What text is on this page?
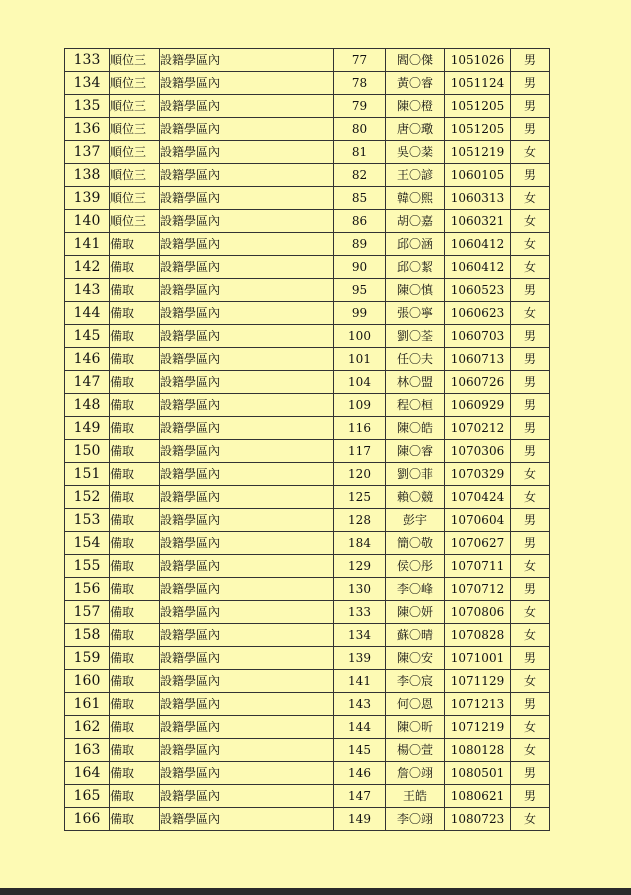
133	順位三	設籍學區內	77	閻〇傑	1051026	男
134	順位三	設籍學區內	78	黃〇睿	1051124	男
135	順位三	設籍學區內	79	陳〇橙	1051205	男
136	順位三	設籍學區內	80	唐〇璥	1051205	男
137	順位三	設籍學區內	81	吳〇棻	1051219	女
138	順位三	設籍學區內	82	王〇諺	1060105	男
139	順位三	設籍學區內	85	韓〇熙	1060313	女
140	順位三	設籍學區內	86	胡〇嘉	1060321	女
141	備取	設籍學區內	89	邱〇涵	1060412	女
142	備取	設籍學區內	90	邱〇絜	1060412	女
143	備取	設籍學區內	95	陳〇慎	1060523	男
144	備取	設籍學區內	99	張〇寧	1060623	女
145	備取	設籍學區內	100	劉〇荃	1060703	男
146	備取	設籍學區內	101	任〇夫	1060713	男
147	備取	設籍學區內	104	林〇盟	1060726	男
148	備取	設籍學區內	109	程〇桓	1060929	男
149	備取	設籍學區內	116	陳〇皓	1070212	男
150	備取	設籍學區內	117	陳〇睿	1070306	男
151	備取	設籍學區內	120	劉〇菲	1070329	女
152	備取	設籍學區內	125	賴〇競	1070424	女
153	備取	設籍學區內	128	彭宇	1070604	男
154	備取	設籍學區內	184	簡〇敬	1070627	男
155	備取	設籍學區內	129	侯〇彤	1070711	女
156	備取	設籍學區內	130	李〇峰	1070712	男
157	備取	設籍學區內	133	陳〇妍	1070806	女
158	備取	設籍學區內	134	蘇〇晴	1070828	女
159	備取	設籍學區內	139	陳〇安	1071001	男
160	備取	設籍學區內	141	李〇宸	1071129	女
161	備取	設籍學區內	143	何〇恩	1071213	男
162	備取	設籍學區內	144	陳〇昕	1071219	女
163	備取	設籍學區內	145	楊〇萱	1080128	女
164	備取	設籍學區內	146	詹〇翊	1080501	男
165	備取	設籍學區內	147	王皓	1080621	男
166	備取	設籍學區內	149	李〇翊	1080723	女
